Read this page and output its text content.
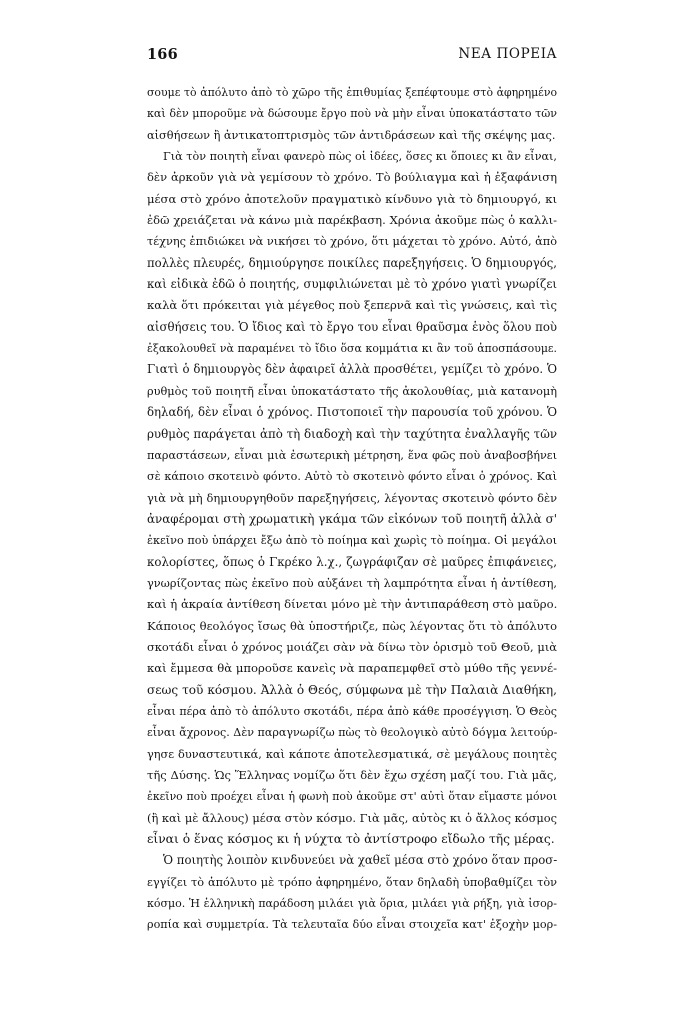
166	ΝΕΑ ΠΟΡΕΙΑ
σουμε τὸ ἀπόλυτο ἀπὸ τὸ χῶρο τῆς ἐπιθυμίας ξεπέφτουμε στὸ ἀφηρημένο
καὶ δὲν μποροῦμε νὰ δώσουμε ἔργο ποὺ νὰ μὴν εἶναι ὑποκατάστατο τῶν
αἰσθήσεων ἢ ἀντικατοπτρισμὸς τῶν ἀντιδράσεων καὶ τῆς σκέψης μας.
Γιὰ τὸν ποιητὴ εἶναι φανερὸ πὼς οἱ ἰδέες, ὅσες κι ὅποιες κι ἂν εἶναι,
δὲν ἀρκοῦν γιὰ νὰ γεμίσουν τὸ χρόνο. Τὸ βούλιαγμα καὶ ἡ ἐξαφάνιση
μέσα στὸ χρόνο ἀποτελοῦν πραγματικὸ κίνδυνο γιὰ τὸ δημιουργό, κι
ἐδῶ χρειάζεται νὰ κάνω μιὰ παρέκβαση. Χρόνια ἀκοῦμε πὼς ὁ καλλι-
τέχνης ἐπιδιώκει νὰ νικήσει τὸ χρόνο, ὅτι μάχεται τὸ χρόνο. Αὐτό, ἀπὸ
πολλὲς πλευρές, δημιούργησε ποικίλες παρεξηγήσεις. Ὁ δημιουργός,
καὶ εἰδικὰ ἐδῶ ὁ ποιητής, συμφιλιώνεται μὲ τὸ χρόνο γιατὶ γνωρίζει
καλὰ ὅτι πρόκειται γιὰ μέγεθος ποὺ ξεπερνᾶ καὶ τὶς γνώσεις, καὶ τὶς
αἰσθήσεις του. Ὁ ἴδιος καὶ τὸ ἔργο του εἶναι θραῦσμα ἑνὸς ὅλου ποὺ
ἐξακολουθεῖ νὰ παραμένει τὸ ἴδιο ὅσα κομμάτια κι ἂν τοῦ ἀποσπάσουμε.
Γιατὶ ὁ δημιουργὸς δὲν ἀφαιρεῖ ἀλλὰ προσθέτει, γεμίζει τὸ χρόνο. Ὁ
ρυθμὸς τοῦ ποιητῆ εἶναι ὑποκατάστατο τῆς ἀκολουθίας, μιὰ κατανομὴ
δηλαδή, δὲν εἶναι ὁ χρόνος. Πιστοποιεῖ τὴν παρουσία τοῦ χρόνου. Ὁ
ρυθμὸς παράγεται ἀπὸ τὴ διαδοχὴ καὶ τὴν ταχύτητα ἐναλλαγῆς τῶν
παραστάσεων, εἶναι μιὰ ἐσωτερικὴ μέτρηση, ἕνα φῶς ποὺ ἀναβοσβήνει
σὲ κάποιο σκοτεινὸ φόντο. Αὐτὸ τὸ σκοτεινὸ φόντο εἶναι ὁ χρόνος. Καὶ
γιὰ νὰ μὴ δημιουργηθοῦν παρεξηγήσεις, λέγοντας σκοτεινὸ φόντο δὲν
ἀναφέρομαι στὴ χρωματικὴ γκάμα τῶν εἰκόνων τοῦ ποιητῆ ἀλλὰ σ'
ἐκεῖνο ποὺ ὑπάρχει ἔξω ἀπὸ τὸ ποίημα καὶ χωρὶς τὸ ποίημα. Οἱ μεγάλοι
κολορίστες, ὅπως ὁ Γκρέκο λ.χ., ζωγράφιζαν σὲ μαῦρες ἐπιφάνειες,
γνωρίζοντας πὼς ἐκεῖνο ποὺ αὐξάνει τὴ λαμπρότητα εἶναι ἡ ἀντίθεση,
καὶ ἡ ἀκραία ἀντίθεση δίνεται μόνο μὲ τὴν ἀντιπαράθεση στὸ μαῦρο.
Κάποιος θεολόγος ἴσως θὰ ὑποστήριζε, πὼς λέγοντας ὅτι τὸ ἀπόλυτο
σκοτάδι εἶναι ὁ χρόνος μοιάζει σὰν νὰ δίνω τὸν ὁρισμὸ τοῦ Θεοῦ, μιὰ
καὶ ἔμμεσα θὰ μποροῦσε κανεὶς νὰ παραπεμφθεῖ στὸ μύθο τῆς γεννέ-
σεως τοῦ κόσμου. Ἀλλὰ ὁ Θεός, σύμφωνα μὲ τὴν Παλαιὰ Διαθήκη,
εἶναι πέρα ἀπὸ τὸ ἀπόλυτο σκοτάδι, πέρα ἀπὸ κάθε προσέγγιση. Ὁ Θεὸς
εἶναι ἄχρονος. Δὲν παραγνωρίζω πὼς τὸ θεολογικὸ αὐτὸ δόγμα λειτούρ-
γησε δυναστευτικά, καὶ κάποτε ἀποτελεσματικά, σὲ μεγάλους ποιητὲς
τῆς Δύσης. Ὡς Ἕλληνας νομίζω ὅτι δὲν ἔχω σχέση μαζί του. Γιὰ μᾶς,
ἐκεῖνο ποὺ προέχει εἶναι ἡ φωνὴ ποὺ ἀκοῦμε στ' αὐτὶ ὅταν εἴμαστε μόνοι
(ἢ καὶ μὲ ἄλλους) μέσα στὸν κόσμο. Γιὰ μᾶς, αὐτὸς κι ὁ ἄλλος κόσμος
εἶναι ὁ ἕνας κόσμος κι ἡ νύχτα τὸ ἀντίστροφο εἴδωλο τῆς μέρας.
Ὁ ποιητὴς λοιπὸν κινδυνεύει νὰ χαθεῖ μέσα στὸ χρόνο ὅταν προσ-
εγγίζει τὸ ἀπόλυτο μὲ τρόπο ἀφηρημένο, ὅταν δηλαδὴ ὑποβαθμίζει τὸν
κόσμο. Ἡ ἑλληνικὴ παράδοση μιλάει γιὰ ὅρια, μιλάει γιὰ ρήξη, γιὰ ἰσορ-
ροπία καὶ συμμετρία. Τὰ τελευταῖα δύο εἶναι στοιχεῖα κατ' ἐξοχὴν μορ-
